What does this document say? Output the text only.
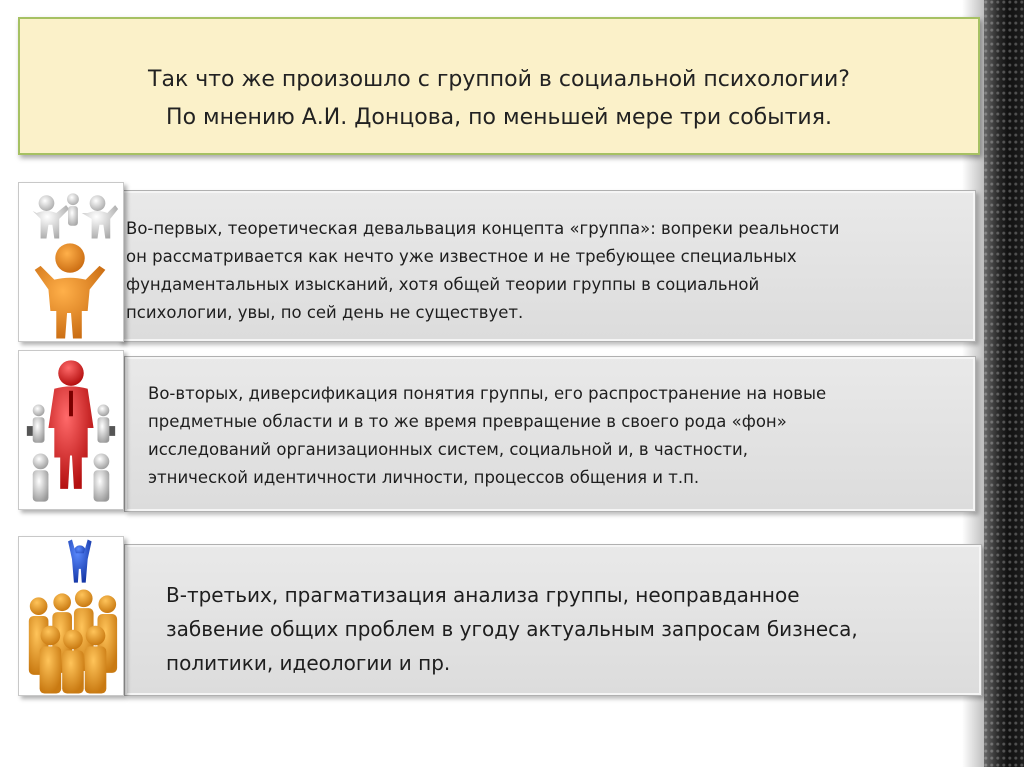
Так что же произошло с группой в социальной психологии?
По мнению А.И. Донцова, по меньшей мере три события.
Во-первых, теоретическая девальвация концепта «группа»: вопреки реальности
он рассматривается как нечто уже известное и не требующее специальных
фундаментальных изысканий, хотя общей теории группы в социальной
психологии, увы, по сей день не существует.
Во-вторых, диверсификация понятия группы, его распространение на новые
предметные области и в то же время превращение в своего рода «фон»
исследований организационных систем, социальной и, в частности,
этнической идентичности личности, процессов общения и т.п.
В-третьих, прагматизация анализа группы, неоправданное
забвение общих проблем в угоду актуальным запросам бизнеса,
политики, идеологии и пр.
